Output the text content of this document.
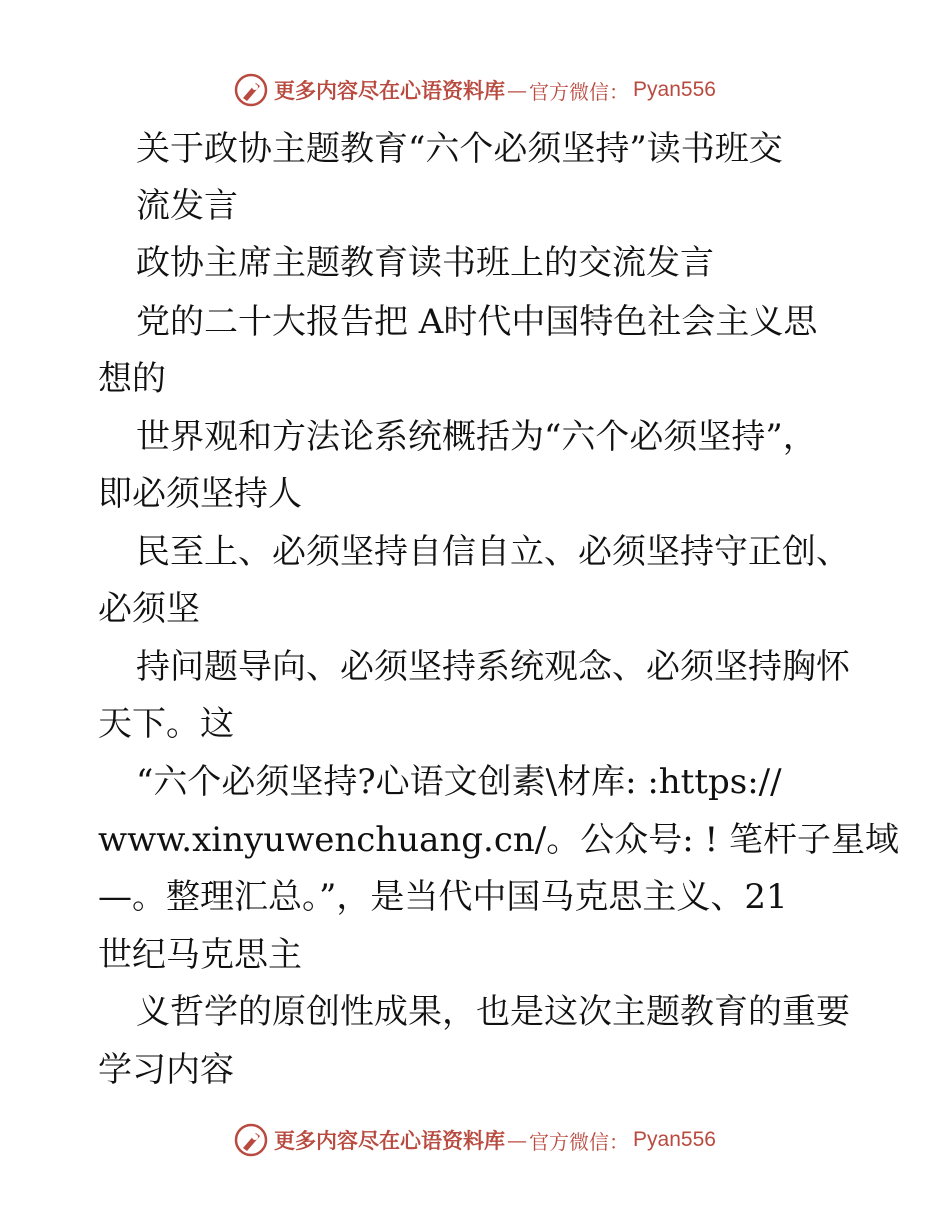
更多内容尽在心语资料库 — 官方微信： Pyan556
关于政协主题教育“六个必须坚持”读书班交
流发言
政协主席主题教育读书班上的交流发言
党的二十大报告把 A时代中国特色社会主义思
想的
世界观和方法论系统概括为“六个必须坚持”，
即必须坚持人
民至上、必须坚持自信自立、必须坚持守正创、
必须坚
持问题导向、必须坚持系统观念、必须坚持胸怀
天下。这
“六个必须坚持?心语文创素\材库: :https://
www.xinyuwenchuang.cn/。公众号: ! 笔杆子星域
—。整理汇总。”，是当代中国马克思主义、21
世纪马克思主
义哲学的原创性成果，也是这次主题教育的重要
学习内容
更多内容尽在心语资料库 — 官方微信： Pyan556
